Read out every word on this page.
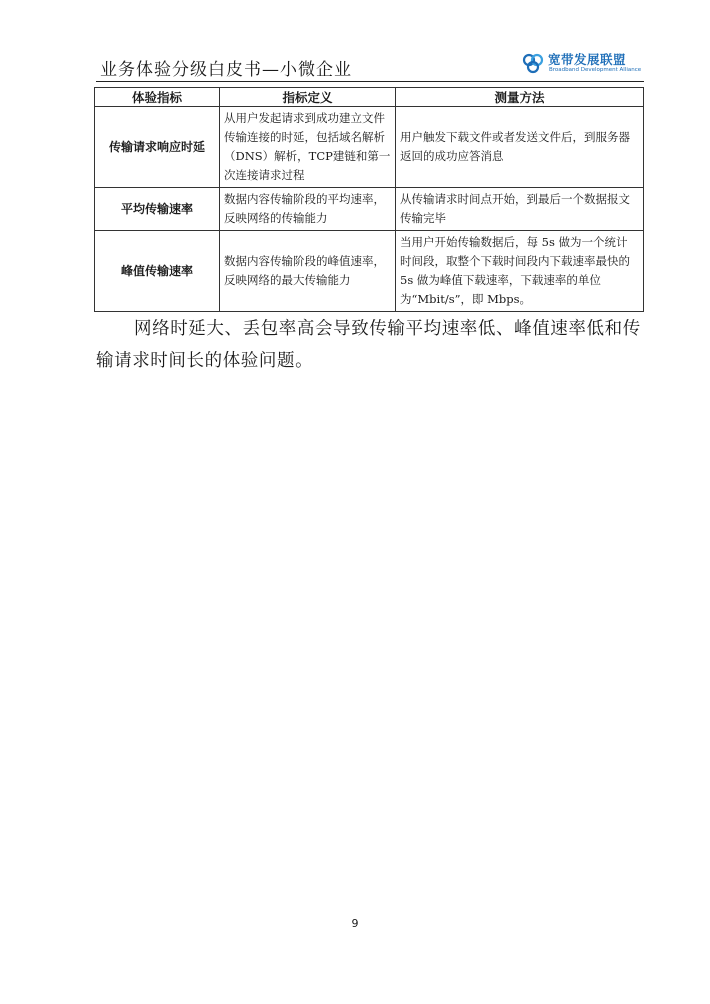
业务体验分级白皮书—小微企业
宽带发展联盟
Broadband Development Alliance
体验指标	指标定义	测量方法
传输请求响应时延	从用户发起请求到成功建立文件传输连接的时延，包括域名解析（DNS）解析，TCP建链和第一次连接请求过程	用户触发下载文件或者发送文件后，到服务器返回的成功应答消息
平均传输速率	数据内容传输阶段的平均速率，反映网络的传输能力	从传输请求时间点开始，到最后一个数据报文传输完毕
峰值传输速率	数据内容传输阶段的峰值速率，反映网络的最大传输能力	当用户开始传输数据后，每 5s 做为一个统计时间段，取整个下载时间段内下载速率最快的 5s 做为峰值下载速率，下载速率的单位为“Mbit/s”，即 Mbps。

网络时延大、丢包率高会导致传输平均速率低、峰值速率低和传输请求时间长的体验问题。

9
